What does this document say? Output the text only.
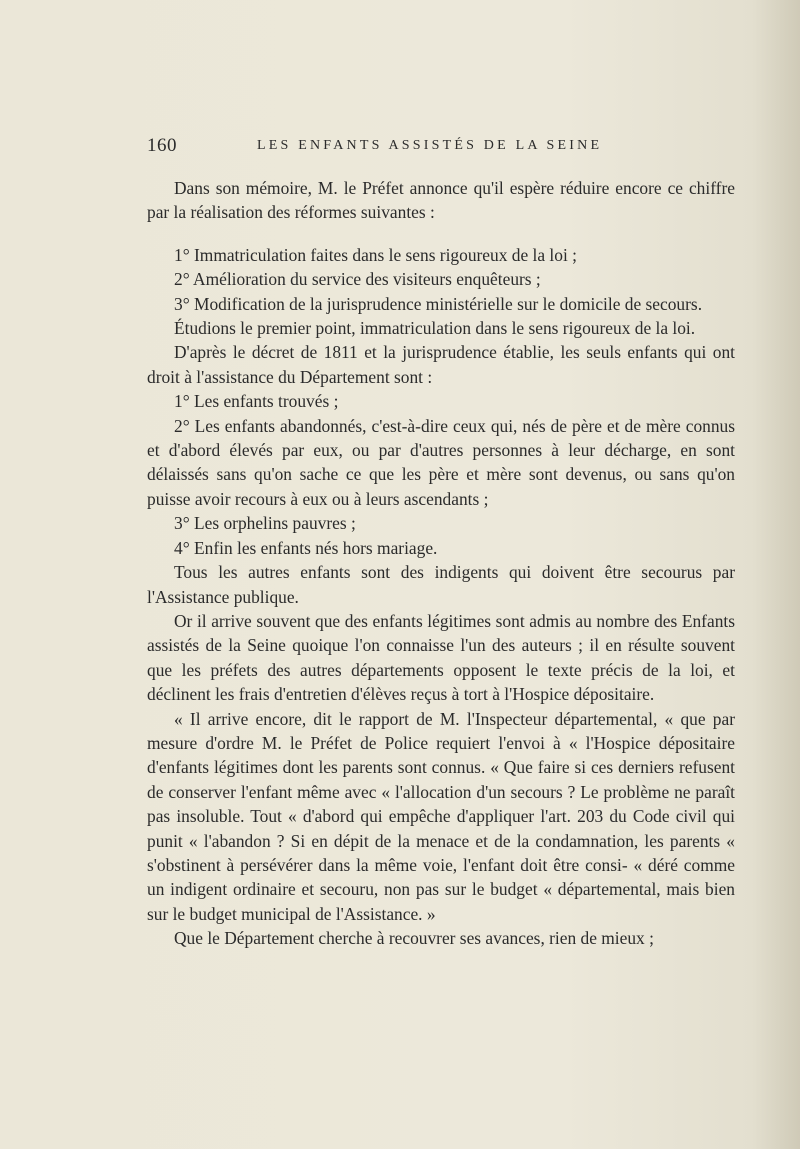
160	LES ENFANTS ASSISTÉS DE LA SEINE

Dans son mémoire, M. le Préfet annonce qu'il espère réduire encore ce chiffre par la réalisation des réformes suivantes :

1° Immatriculation faites dans le sens rigoureux de la loi ;

2° Amélioration du service des visiteurs enquêteurs ;

3° Modification de la jurisprudence ministérielle sur le domicile de secours.

Étudions le premier point, immatriculation dans le sens rigoureux de la loi.

D'après le décret de 1811 et la jurisprudence établie, les seuls enfants qui ont droit à l'assistance du Département sont :

1° Les enfants trouvés ;

2° Les enfants abandonnés, c'est-à-dire ceux qui, nés de père et de mère connus et d'abord élevés par eux, ou par d'autres personnes à leur décharge, en sont délaissés sans qu'on sache ce que les père et mère sont devenus, ou sans qu'on puisse avoir recours à eux ou à leurs ascendants ;

3° Les orphelins pauvres ;

4° Enfin les enfants nés hors mariage.

Tous les autres enfants sont des indigents qui doivent être secourus par l'Assistance publique.

Or il arrive souvent que des enfants légitimes sont admis au nombre des Enfants assistés de la Seine quoique l'on connaisse l'un des auteurs ; il en résulte souvent que les préfets des autres départements opposent le texte précis de la loi, et déclinent les frais d'entretien d'élèves reçus à tort à l'Hospice dépositaire.

« Il arrive encore, dit le rapport de M. l'Inspecteur départemental, « que par mesure d'ordre M. le Préfet de Police requiert l'envoi à « l'Hospice dépositaire d'enfants légitimes dont les parents sont connus. « Que faire si ces derniers refusent de conserver l'enfant même avec « l'allocation d'un secours ? Le problème ne paraît pas insoluble. Tout « d'abord qui empêche d'appliquer l'art. 203 du Code civil qui punit « l'abandon ? Si en dépit de la menace et de la condamnation, les parents « s'obstinent à persévérer dans la même voie, l'enfant doit être consi- « déré comme un indigent ordinaire et secouru, non pas sur le budget « départemental, mais bien sur le budget municipal de l'Assistance. »

Que le Département cherche à recouvrer ses avances, rien de mieux ;
